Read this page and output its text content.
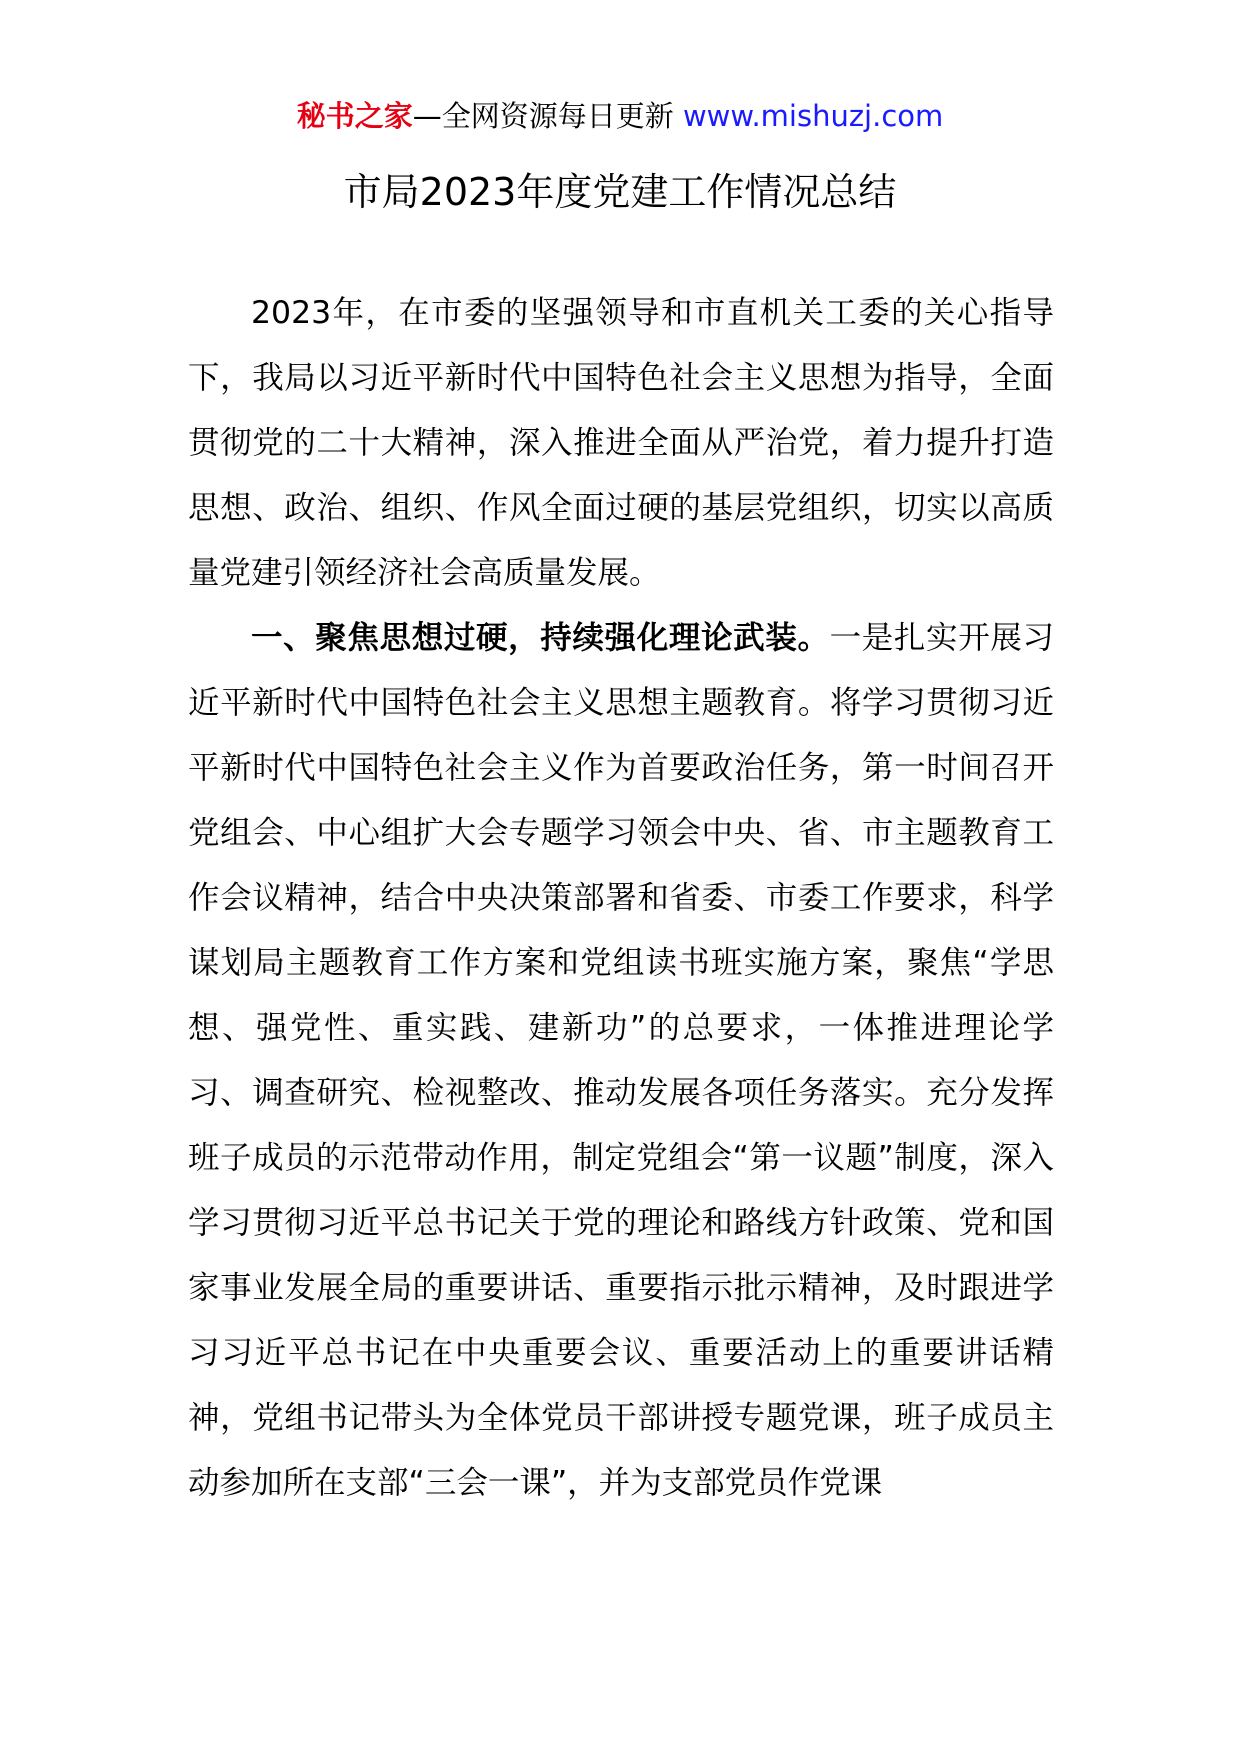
秘书之家—全网资源每日更新 www.mishuzj.com
市局2023年度党建工作情况总结

2023年，在市委的坚强领导和市直机关工委的关心指导下，我局以习近平新时代中国特色社会主义思想为指导，全面贯彻党的二十大精神，深入推进全面从严治党，着力提升打造思想、政治、组织、作风全面过硬的基层党组织，切实以高质量党建引领经济社会高质量发展。

一、聚焦思想过硬，持续强化理论武装。一是扎实开展习近平新时代中国特色社会主义思想主题教育。将学习贯彻习近平新时代中国特色社会主义作为首要政治任务，第一时间召开党组会、中心组扩大会专题学习领会中央、省、市主题教育工作会议精神，结合中央决策部署和省委、市委工作要求，科学谋划局主题教育工作方案和党组读书班实施方案，聚焦“学思想、强党性、重实践、建新功”的总要求，一体推进理论学习、调查研究、检视整改、推动发展各项任务落实。充分发挥班子成员的示范带动作用，制定党组会“第一议题”制度，深入学习贯彻习近平总书记关于党的理论和路线方针政策、党和国家事业发展全局的重要讲话、重要指示批示精神，及时跟进学习习近平总书记在中央重要会议、重要活动上的重要讲话精神，党组书记带头为全体党员干部讲授专题党课，班子成员主动参加所在支部“三会一课”，并为支部党员作党课
